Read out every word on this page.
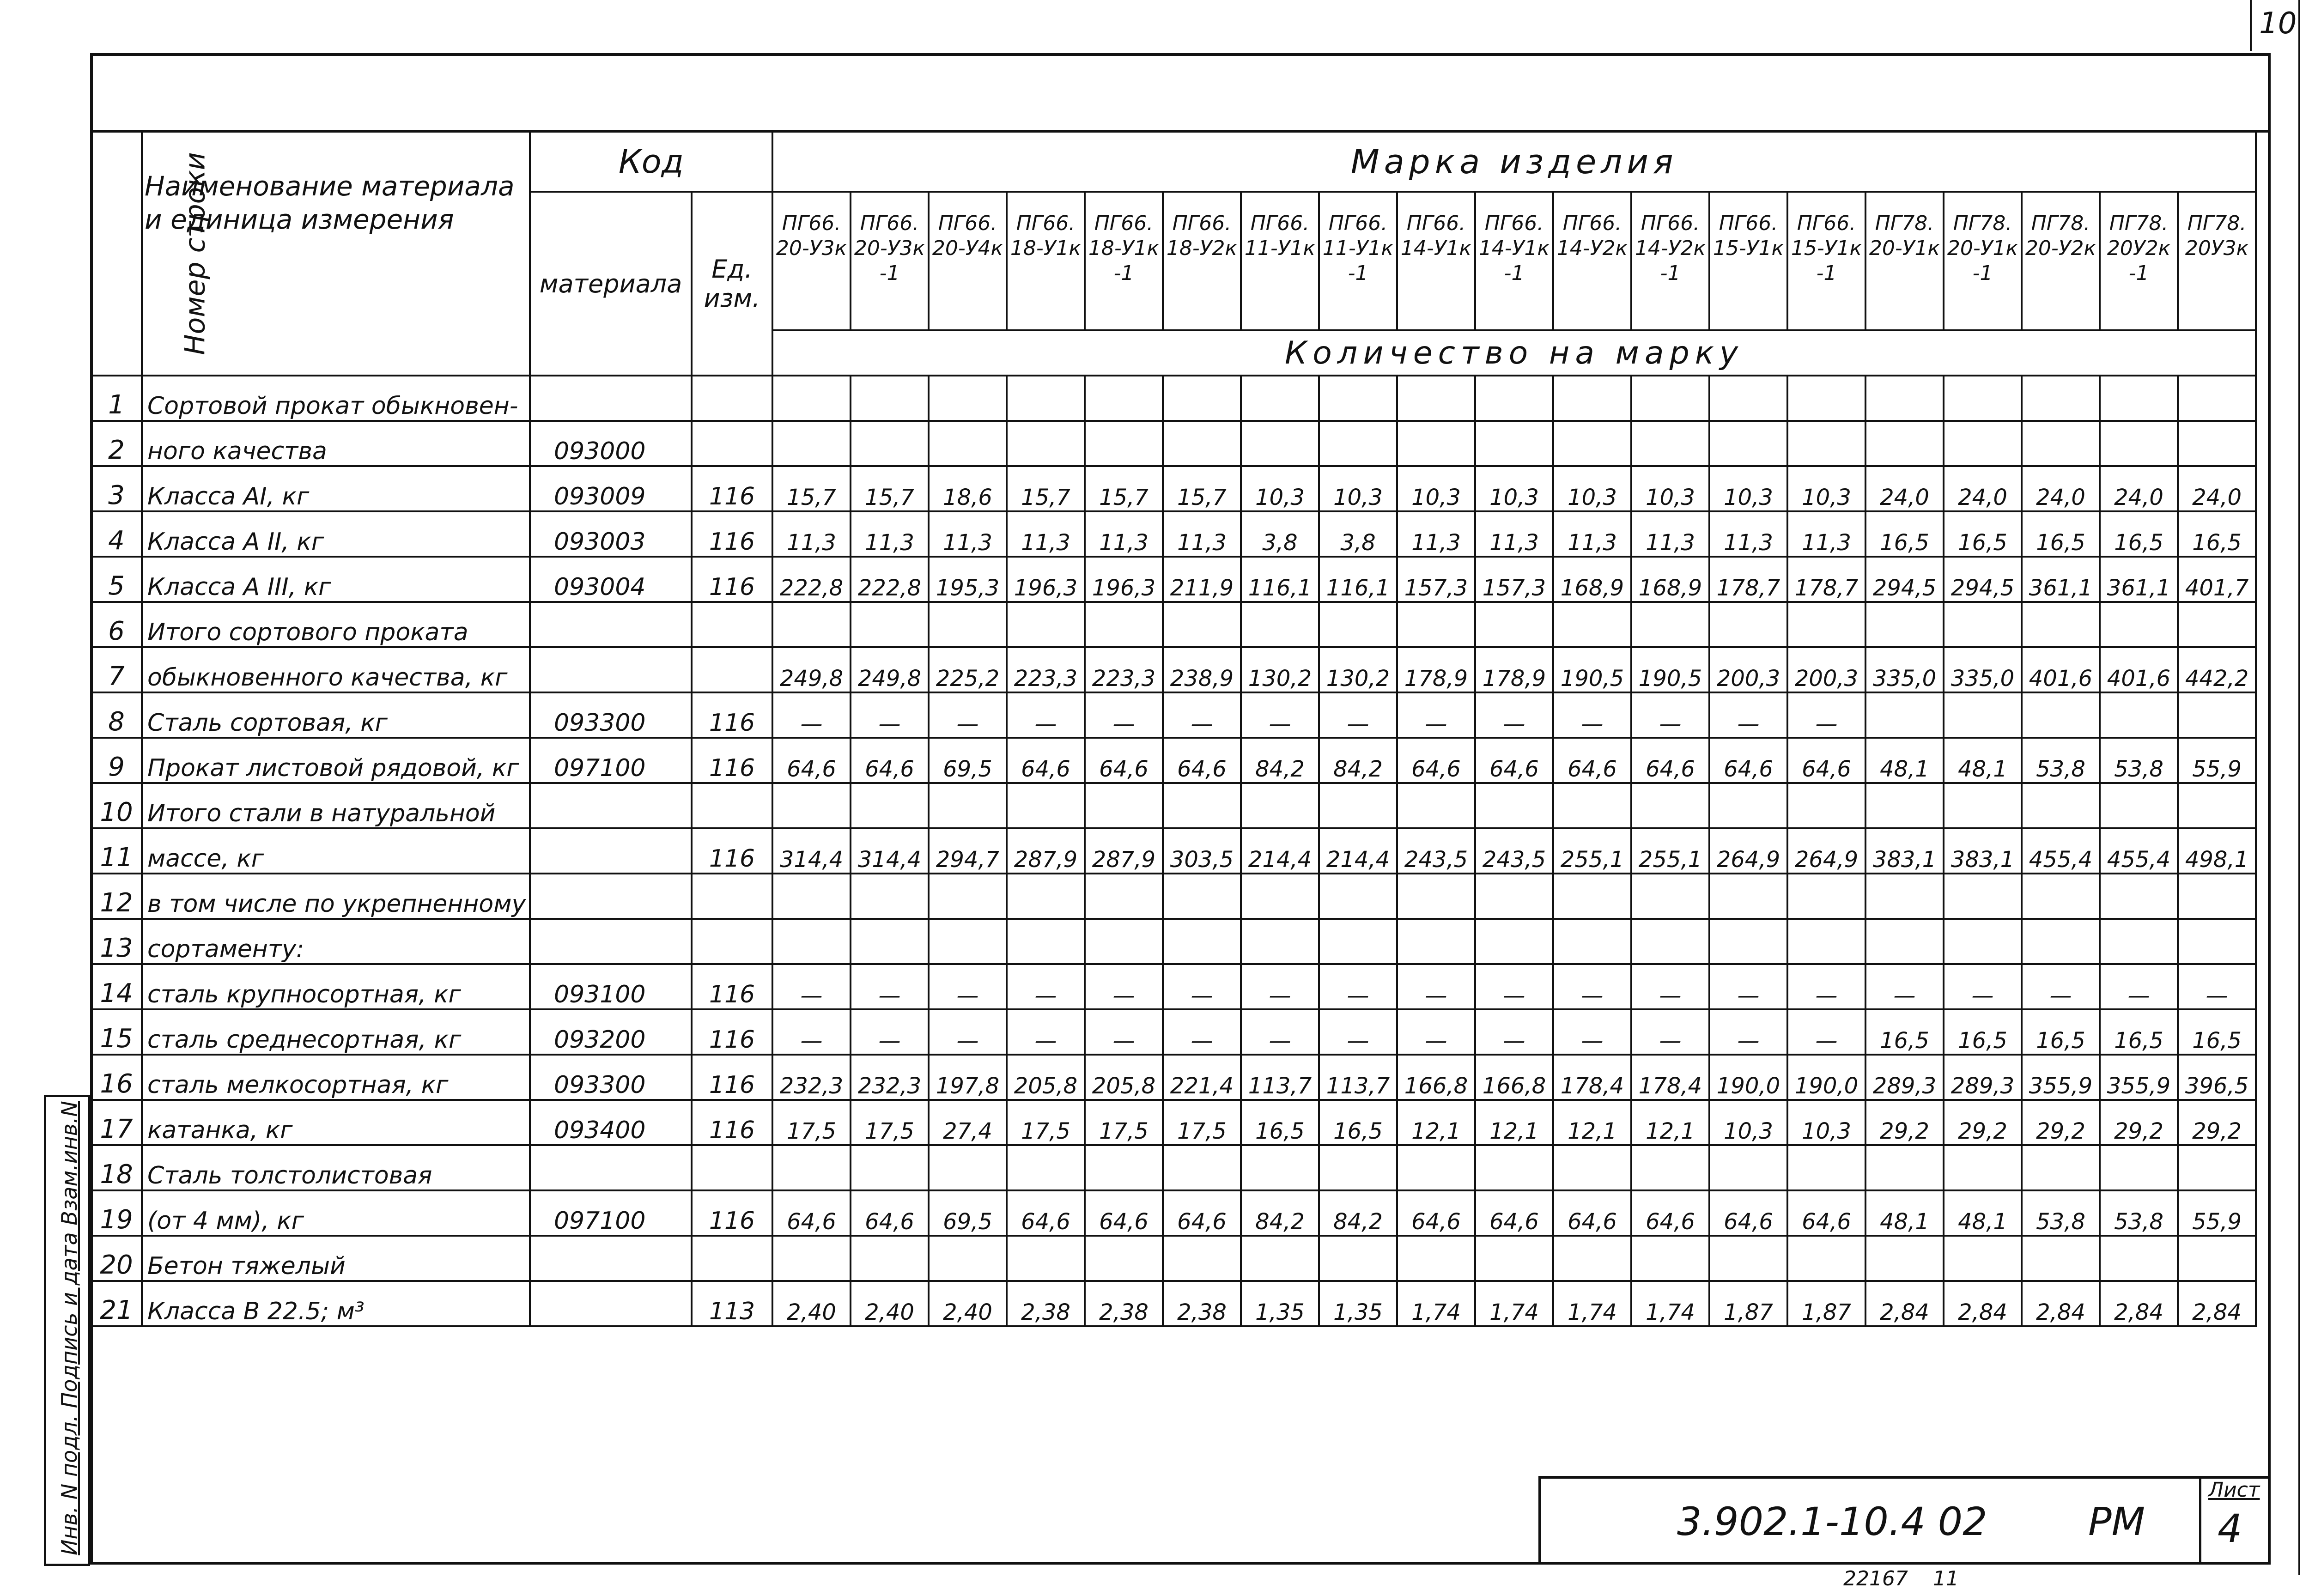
10
Номер строки	Наименование материала и единица измерения	Код		Марка изделия																		
		материала	Ед. изм.	ПГ66. 20-У3к	ПГ66. 20-У3к -1	ПГ66. 20-У4к	ПГ66. 18-У1к	ПГ66. 18-У1к -1	ПГ66. 18-У2к	ПГ66. 11-У1к	ПГ66. 11-У1к -1	ПГ66. 14-У1к	ПГ66. 14-У1к -1	ПГ66. 14-У2к	ПГ66. 14-У2к -1	ПГ66. 15-У1к	ПГ66. 15-У1к -1	ПГ78. 20-У1к	ПГ78. 20-У1к -1	ПГ78. 20-У2к	ПГ78. 20У2к -1	ПГ78. 20У3к
				Количество на марку																		
1	Сортовой прокат обыкновен-																					
2	ного качества	093000																				
3	Класса АI, кг	093009	116	15,7	15,7	18,6	15,7	15,7	15,7	10,3	10,3	10,3	10,3	10,3	10,3	10,3	10,3	24,0	24,0	24,0	24,0	24,0
4	Класса А II, кг	093003	116	11,3	11,3	11,3	11,3	11,3	11,3	3,8	3,8	11,3	11,3	11,3	11,3	11,3	11,3	16,5	16,5	16,5	16,5	16,5
5	Класса А III, кг	093004	116	222,8	222,8	195,3	196,3	196,3	211,9	116,1	116,1	157,3	157,3	168,9	168,9	178,7	178,7	294,5	294,5	361,1	361,1	401,7
6	Итого сортового проката																					
7	обыкновенного качества, кг			249,8	249,8	225,2	223,3	223,3	238,9	130,2	130,2	178,9	178,9	190,5	190,5	200,3	200,3	335,0	335,0	401,6	401,6	442,2
8	Сталь сортовая, кг	093300	116	—	—	—	—	—	—	—	—	—	—	—	—	—	—					
9	Прокат листовой рядовой, кг	097100	116	64,6	64,6	69,5	64,6	64,6	64,6	84,2	84,2	64,6	64,6	64,6	64,6	64,6	64,6	48,1	48,1	53,8	53,8	55,9
10	Итого стали в натуральной																					
11	массе, кг		116	314,4	314,4	294,7	287,9	287,9	303,5	214,4	214,4	243,5	243,5	255,1	255,1	264,9	264,9	383,1	383,1	455,4	455,4	498,1
12	в том числе по укрепненному																					
13	сортаменту:																					
14	сталь крупносортная, кг	093100	116	—	—	—	—	—	—	—	—	—	—	—	—	—	—	—	—	—	—	—
15	сталь среднесортная, кг	093200	116	—	—	—	—	—	—	—	—	—	—	—	—	—	—	16,5	16,5	16,5	16,5	16,5
16	сталь мелкосортная, кг	093300	116	232,3	232,3	197,8	205,8	205,8	221,4	113,7	113,7	166,8	166,8	178,4	178,4	190,0	190,0	289,3	289,3	355,9	355,9	396,5
17	катанка, кг	093400	116	17,5	17,5	27,4	17,5	17,5	17,5	16,5	16,5	12,1	12,1	12,1	12,1	10,3	10,3	29,2	29,2	29,2	29,2	29,2
18	Сталь толстолистовая																					
19	(от 4 мм), кг	097100	116	64,6	64,6	69,5	64,6	64,6	64,6	84,2	84,2	64,6	64,6	64,6	64,6	64,6	64,6	48,1	48,1	53,8	53,8	55,9
20	Бетон тяжелый																					
21	Класса В 22.5; м³		113	2,40	2,40	2,40	2,38	2,38	2,38	1,35	1,35	1,74	1,74	1,74	1,74	1,87	1,87	2,84	2,84	2,84	2,84	2,84
Инв. N подл. Подпись и дата Взам.инв.N	3.902.1-10.4 02	РМ
Лист
4
22167 11
